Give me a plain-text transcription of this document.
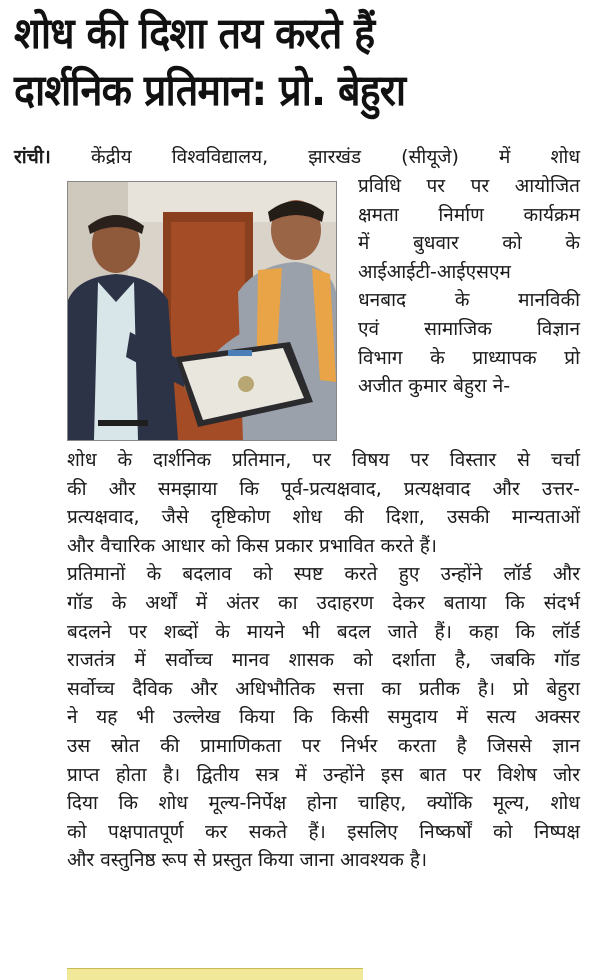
शोध की दिशा तय करते हैं
दार्शनिक प्रतिमान: प्रो. बेहुरा
रांची। केंद्रीय विश्वविद्यालय, झारखंड (सीयूजे) में शोध
प्रविधि पर पर आयोजित
क्षमता निर्माण कार्यक्रम
में बुधवार को के
आईआईटी-आईएसएम
धनबाद के मानविकी
एवं सामाजिक विज्ञान
विभाग के प्राध्यापक प्रो
अजीत कुमार बेहुरा ने-
शोध के दार्शनिक प्रतिमान, पर विषय पर विस्तार से चर्चा
की और समझाया कि पूर्व-प्रत्यक्षवाद, प्रत्यक्षवाद और उत्तर-
प्रत्यक्षवाद, जैसे दृष्टिकोण शोध की दिशा, उसकी मान्यताओं
और वैचारिक आधार को किस प्रकार प्रभावित करते हैं।
प्रतिमानों के बदलाव को स्पष्ट करते हुए उन्होंने लॉर्ड और
गॉड के अर्थों में अंतर का उदाहरण देकर बताया कि संदर्भ
बदलने पर शब्दों के मायने भी बदल जाते हैं। कहा कि लॉर्ड
राजतंत्र में सर्वोच्च मानव शासक को दर्शाता है, जबकि गॉड
सर्वोच्च दैविक और अधिभौतिक सत्ता का प्रतीक है। प्रो बेहुरा
ने यह भी उल्लेख किया कि किसी समुदाय में सत्य अक्सर
उस स्रोत की प्रामाणिकता पर निर्भर करता है जिससे ज्ञान
प्राप्त होता है। द्वितीय सत्र में उन्होंने इस बात पर विशेष जोर
दिया कि शोध मूल्य-निर्पेक्ष होना चाहिए, क्योंकि मूल्य, शोध
को पक्षपातपूर्ण कर सकते हैं। इसलिए निष्कर्षों को निष्पक्ष
और वस्तुनिष्ठ रूप से प्रस्तुत किया जाना आवश्यक है।
